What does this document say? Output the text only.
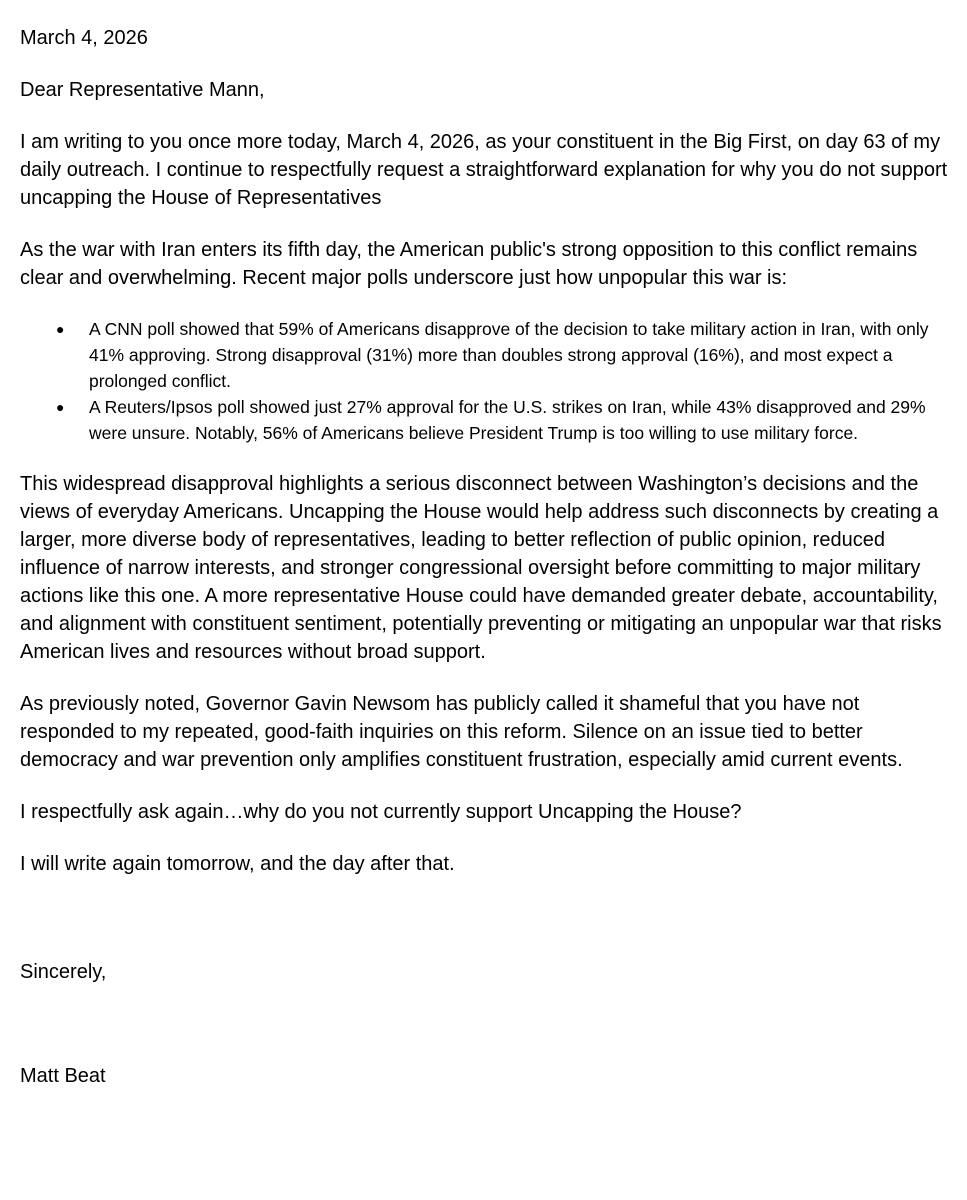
March 4, 2026

Dear Representative Mann,

I am writing to you once more today, March 4, 2026, as your constituent in the Big First, on day 63 of my daily outreach. I continue to respectfully request a straightforward explanation for why you do not support uncapping the House of Representatives

As the war with Iran enters its fifth day, the American public's strong opposition to this conflict remains clear and overwhelming. Recent major polls underscore just how unpopular this war is:

● A CNN poll showed that 59% of Americans disapprove of the decision to take military action in Iran, with only 41% approving. Strong disapproval (31%) more than doubles strong approval (16%), and most expect a prolonged conflict.
● A Reuters/Ipsos poll showed just 27% approval for the U.S. strikes on Iran, while 43% disapproved and 29% were unsure. Notably, 56% of Americans believe President Trump is too willing to use military force.

This widespread disapproval highlights a serious disconnect between Washington’s decisions and the views of everyday Americans. Uncapping the House would help address such disconnects by creating a larger, more diverse body of representatives, leading to better reflection of public opinion, reduced influence of narrow interests, and stronger congressional oversight before committing to major military actions like this one. A more representative House could have demanded greater debate, accountability, and alignment with constituent sentiment, potentially preventing or mitigating an unpopular war that risks American lives and resources without broad support.

As previously noted, Governor Gavin Newsom has publicly called it shameful that you have not responded to my repeated, good-faith inquiries on this reform. Silence on an issue tied to better democracy and war prevention only amplifies constituent frustration, especially amid current events.

I respectfully ask again…why do you not currently support Uncapping the House?

I will write again tomorrow, and the day after that.

Sincerely,

Matt Beat
